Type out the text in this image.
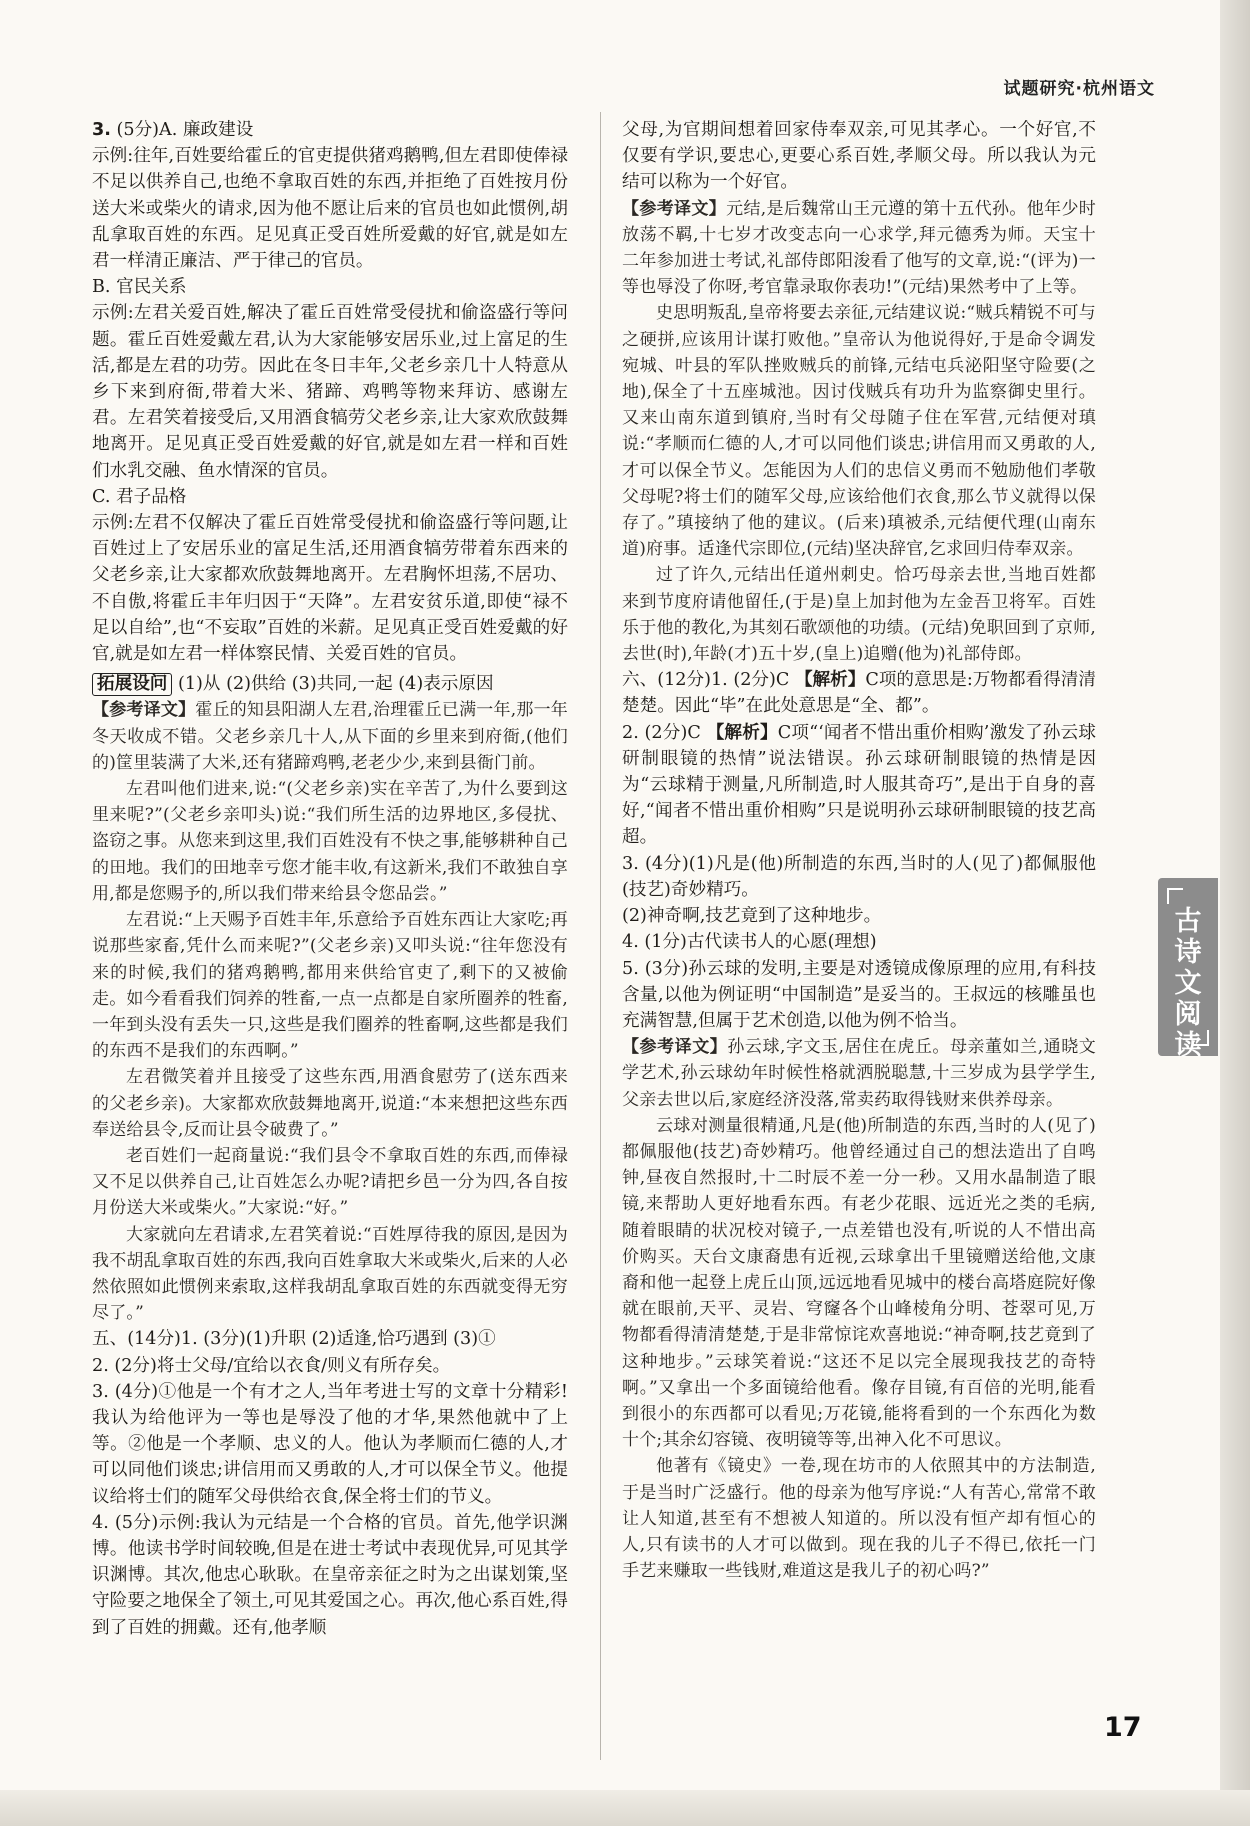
试题研究·杭州语文

3. (5分)A. 廉政建设

示例:往年,百姓要给霍丘的官吏提供猪鸡鹅鸭,但左君即使俸禄不足以供养自己,也绝不拿取百姓的东西,并拒绝了百姓按月份送大米或柴火的请求,因为他不愿让后来的官员也如此惯例,胡乱拿取百姓的东西。足见真正受百姓所爱戴的好官,就是如左君一样清正廉洁、严于律己的官员。

B. 官民关系

示例:左君关爱百姓,解决了霍丘百姓常受侵扰和偷盗盛行等问题。霍丘百姓爱戴左君,认为大家能够安居乐业,过上富足的生活,都是左君的功劳。因此在冬日丰年,父老乡亲几十人特意从乡下来到府衙,带着大米、猪蹄、鸡鸭等物来拜访、感谢左君。左君笑着接受后,又用酒食犒劳父老乡亲,让大家欢欣鼓舞地离开。足见真正受百姓爱戴的好官,就是如左君一样和百姓们水乳交融、鱼水情深的官员。

C. 君子品格

示例:左君不仅解决了霍丘百姓常受侵扰和偷盗盛行等问题,让百姓过上了安居乐业的富足生活,还用酒食犒劳带着东西来的父老乡亲,让大家都欢欣鼓舞地离开。左君胸怀坦荡,不居功、不自傲,将霍丘丰年归因于“天降”。左君安贫乐道,即使“禄不足以自给”,也“不妄取”百姓的米薪。足见真正受百姓爱戴的好官,就是如左君一样体察民情、关爱百姓的官员。

拓展设问 (1)从 (2)供给 (3)共同,一起 (4)表示原因

【参考译文】霍丘的知县阳湖人左君,治理霍丘已满一年,那一年冬天收成不错。父老乡亲几十人,从下面的乡里来到府衙,(他们的)筐里装满了大米,还有猪蹄鸡鸭,老老少少,来到县衙门前。

左君叫他们进来,说:“(父老乡亲)实在辛苦了,为什么要到这里来呢?”(父老乡亲叩头)说:“我们所生活的边界地区,多侵扰、盗窃之事。从您来到这里,我们百姓没有不快之事,能够耕种自己的田地。我们的田地幸亏您才能丰收,有这新米,我们不敢独自享用,都是您赐予的,所以我们带来给县令您品尝。”

左君说:“上天赐予百姓丰年,乐意给予百姓东西让大家吃;再说那些家畜,凭什么而来呢?”(父老乡亲)又叩头说:“往年您没有来的时候,我们的猪鸡鹅鸭,都用来供给官吏了,剩下的又被偷走。如今看看我们饲养的牲畜,一点一点都是自家所圈养的牲畜,一年到头没有丢失一只,这些是我们圈养的牲畜啊,这些都是我们的东西不是我们的东西啊。”

左君微笑着并且接受了这些东西,用酒食慰劳了(送东西来的父老乡亲)。大家都欢欣鼓舞地离开,说道:“本来想把这些东西奉送给县令,反而让县令破费了。”

老百姓们一起商量说:“我们县令不拿取百姓的东西,而俸禄又不足以供养自己,让百姓怎么办呢?请把乡邑一分为四,各自按月份送大米或柴火。”大家说:“好。”

大家就向左君请求,左君笑着说:“百姓厚待我的原因,是因为我不胡乱拿取百姓的东西,我向百姓拿取大米或柴火,后来的人必然依照如此惯例来索取,这样我胡乱拿取百姓的东西就变得无穷尽了。”

五、(14分)1. (3分)(1)升职 (2)适逢,恰巧遇到 (3)①

2. (2分)将士父母/宜给以衣食/则义有所存矣。

3. (4分)①他是一个有才之人,当年考进士写的文章十分精彩!我认为给他评为一等也是辱没了他的才华,果然他就中了上等。②他是一个孝顺、忠义的人。他认为孝顺而仁德的人,才可以同他们谈忠;讲信用而又勇敢的人,才可以保全节义。他提议给将士们的随军父母供给衣食,保全将士们的节义。

4. (5分)示例:我认为元结是一个合格的官员。首先,他学识渊博。他读书学时间较晚,但是在进士考试中表现优异,可见其学识渊博。其次,他忠心耿耿。在皇帝亲征之时为之出谋划策,坚守险要之地保全了领土,可见其爱国之心。再次,他心系百姓,得到了百姓的拥戴。还有,他孝顺

父母,为官期间想着回家侍奉双亲,可见其孝心。一个好官,不仅要有学识,要忠心,更要心系百姓,孝顺父母。所以我认为元结可以称为一个好官。

【参考译文】元结,是后魏常山王元遵的第十五代孙。他年少时放荡不羁,十七岁才改变志向一心求学,拜元德秀为师。天宝十二年参加进士考试,礼部侍郎阳浚看了他写的文章,说:“(评为)一等也辱没了你呀,考官靠录取你表功!”(元结)果然考中了上等。

史思明叛乱,皇帝将要去亲征,元结建议说:“贼兵精锐不可与之硬拼,应该用计谋打败他。”皇帝认为他说得好,于是命令调发宛城、叶县的军队挫败贼兵的前锋,元结屯兵泌阳坚守险要(之地),保全了十五座城池。因讨伐贼兵有功升为监察御史里行。又来山南东道到镇府,当时有父母随子住在军营,元结便对瑱说:“孝顺而仁德的人,才可以同他们谈忠;讲信用而又勇敢的人,才可以保全节义。怎能因为人们的忠信义勇而不勉励他们孝敬父母呢?将士们的随军父母,应该给他们衣食,那么节义就得以保存了。”瑱接纳了他的建议。(后来)瑱被杀,元结便代理(山南东道)府事。适逢代宗即位,(元结)坚决辞官,乞求回归侍奉双亲。

过了许久,元结出任道州刺史。恰巧母亲去世,当地百姓都来到节度府请他留任,(于是)皇上加封他为左金吾卫将军。百姓乐于他的教化,为其刻石歌颂他的功绩。(元结)免职回到了京师,去世(时),年龄(才)五十岁,(皇上)追赠(他为)礼部侍郎。

六、(12分)1. (2分)C 【解析】C项的意思是:万物都看得清清楚楚。因此“毕”在此处意思是“全、都”。

2. (2分)C 【解析】C项“‘闻者不惜出重价相购’激发了孙云球研制眼镜的热情”说法错误。孙云球研制眼镜的热情是因为“云球精于测量,凡所制造,时人服其奇巧”,是出于自身的喜好,“闻者不惜出重价相购”只是说明孙云球研制眼镜的技艺高超。

3. (4分)(1)凡是(他)所制造的东西,当时的人(见了)都佩服他(技艺)奇妙精巧。

(2)神奇啊,技艺竟到了这种地步。

4. (1分)古代读书人的心愿(理想)

5. (3分)孙云球的发明,主要是对透镜成像原理的应用,有科技含量,以他为例证明“中国制造”是妥当的。王叔远的核雕虽也充满智慧,但属于艺术创造,以他为例不恰当。

【参考译文】孙云球,字文玉,居住在虎丘。母亲董如兰,通晓文学艺术,孙云球幼年时候性格就洒脱聪慧,十三岁成为县学学生,父亲去世以后,家庭经济没落,常卖药取得钱财来供养母亲。

云球对测量很精通,凡是(他)所制造的东西,当时的人(见了)都佩服他(技艺)奇妙精巧。他曾经通过自己的想法造出了自鸣钟,昼夜自然报时,十二时辰不差一分一秒。又用水晶制造了眼镜,来帮助人更好地看东西。有老少花眼、远近光之类的毛病,随着眼睛的状况校对镜子,一点差错也没有,听说的人不惜出高价购买。天台文康裔患有近视,云球拿出千里镜赠送给他,文康裔和他一起登上虎丘山顶,远远地看见城中的楼台高塔庭院好像就在眼前,天平、灵岩、穹窿各个山峰棱角分明、苍翠可见,万物都看得清清楚楚,于是非常惊诧欢喜地说:“神奇啊,技艺竟到了这种地步。”云球笑着说:“这还不足以完全展现我技艺的奇特啊。”又拿出一个多面镜给他看。像存目镜,有百倍的光明,能看到很小的东西都可以看见;万花镜,能将看到的一个东西化为数十个;其余幻容镜、夜明镜等等,出神入化不可思议。

他著有《镜史》一卷,现在坊市的人依照其中的方法制造,于是当时广泛盛行。他的母亲为他写序说:“人有苦心,常常不敢让人知道,甚至有不想被人知道的。所以没有恒产却有恒心的人,只有读书的人才可以做到。现在我的儿子不得已,依托一门手艺来赚取一些钱财,难道这是我儿子的初心吗?”

古
诗
文
阅
读
17
